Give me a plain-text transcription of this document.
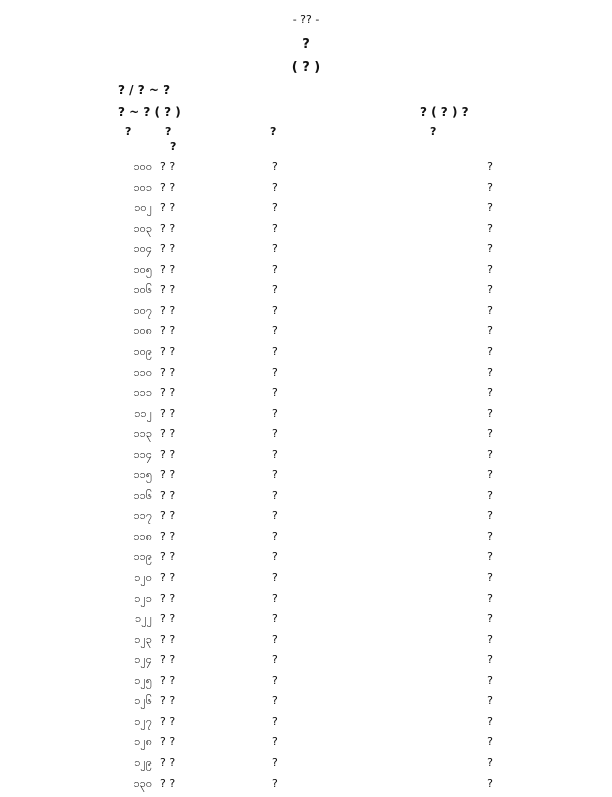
- ?? -
?
( ? )
? / ? ~ ?
? ~ ? ( ? )	? ( ? ) ?
?	?
?
?	?
၁၀၀ ? ?	?	?
၁၀၁ ? ?	?	?
၁၀၂ ? ?	?	?
၁၀၃ ? ?	?	?
၁၀၄ ? ?	?	?
၁၀၅ ? ?	?	?
၁၀၆ ? ?	?	?
၁၀၇ ? ?	?	?
၁၀၈ ? ?	?	?
၁၀၉ ? ?	?	?
၁၁၀ ? ?	?	?
၁၁၁ ? ?	?	?
၁၁၂ ? ?	?	?
၁၁၃ ? ?	?	?
၁၁၄ ? ?	?	?
၁၁၅ ? ?	?	?
၁၁၆ ? ?	?	?
၁၁၇ ? ?	?	?
၁၁၈ ? ?	?	?
၁၁၉ ? ?	?	?
၁၂၀ ? ?	?	?
၁၂၁ ? ?	?	?
၁၂၂ ? ?	?	?
၁၂၃ ? ?	?	?
၁၂၄ ? ?	?	?
၁၂၅ ? ?	?	?
၁၂၆ ? ?	?	?
၁၂၇ ? ?	?	?
၁၂၈ ? ?	?	?
၁၂၉ ? ?	?	?
၁၃၀ ? ?	?	?
